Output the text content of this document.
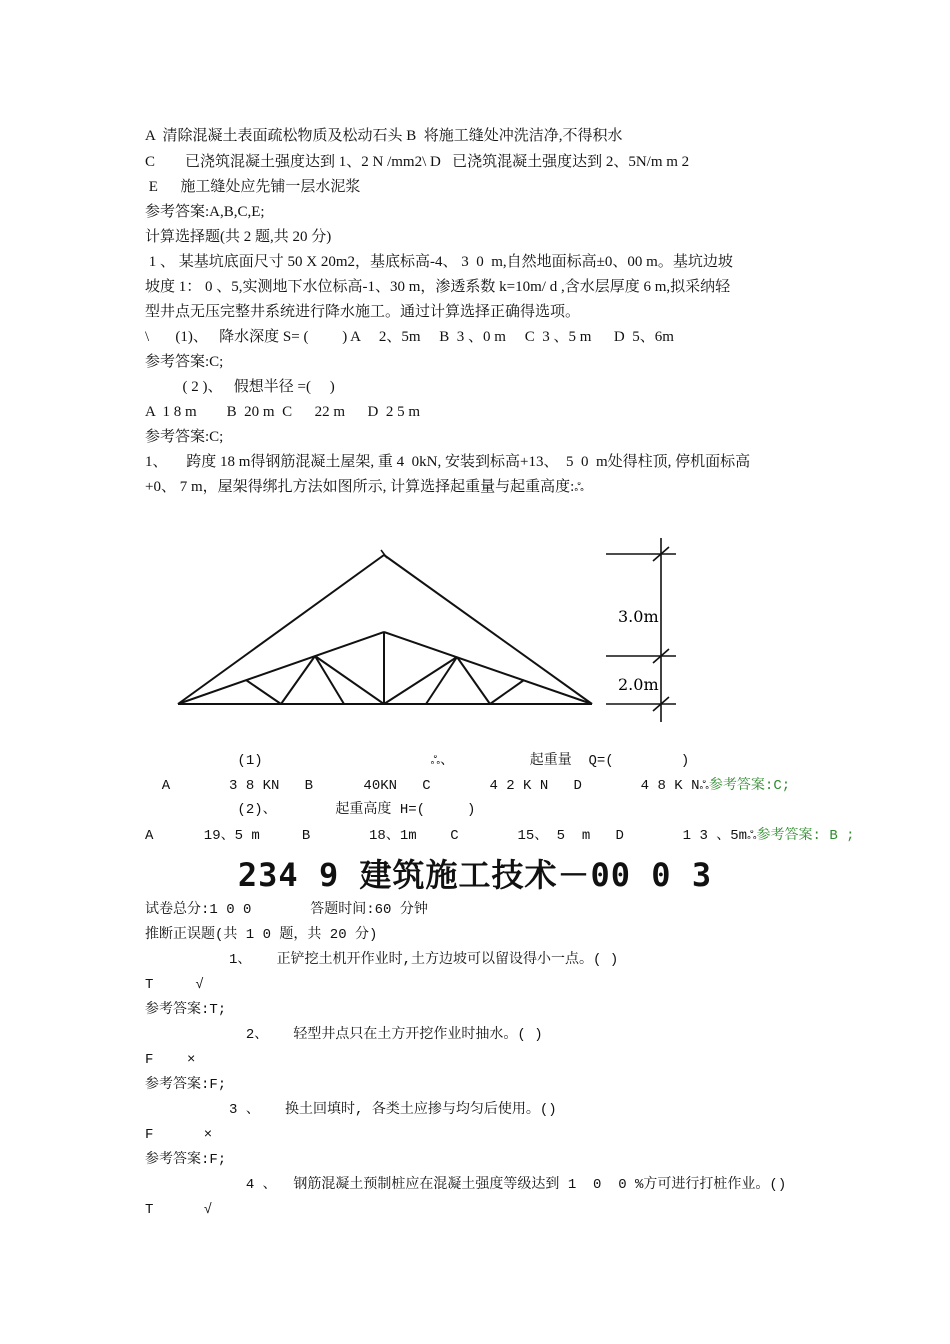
A  清除混凝土表面疏松物质及松动石头 B  将施工缝处冲洗洁净,不得积水
C        已浇筑混凝土强度达到 1、2 N /mm2\ D   已浇筑混凝土强度达到 2、5N/m m 2
E      施工缝处应先铺一层水泥浆
参考答案:A,B,C,E;
计算选择题(共 2 题,共 20 分)
1 、 某基坑底面尺寸 50 X 20m2，基底标高-4、 3  0  m,自然地面标高±0、00 m。基坑边坡
坡度 1： 0 、5,实测地下水位标高-1、30 m，渗透系数 k=10m/ d ,含水层厚度 6 m,拟采纳轻
型井点无压完整井系统进行降水施工。通过计算选择正确得选项。
\       (1)、   降水深度 S= (         ) A     2、5m     B  3 、0 m     C  3 、5 m      D  5、6m
参考答案:C;
( 2 )、   假想半径 =(     )
A  1 8 m        B  20 m  C      22 m      D  2 5 m
参考答案:C;
1、     跨度 18 m得钢筋混凝土屋架, 重 4  0kN, 安装到标高+13、  5  0  m处得柱顶, 停机面标高
+0、 7 m，屋架得绑扎方法如图所示, 计算选择起重量与起重高度:ஃ
3.0m
2.0m
(1)                    ஃ、         起重量  Q=(        )
A       3 8 KN   B      40KN   C       4 2 K N   D       4 8 K Nஃ参考答案:C;
(2)、       起重高度 H=(     )
A      19、5 m     B       18、1m    C       15、 5  m   D       1 3 、5mஃ参考答案: B ;
234 9 建筑施工技术－00 0 3
试卷总分:1 0 0       答题时间:60 分钟
推断正误题(共 1 0 题，共 20 分)
1、   正铲挖土机开作业时,土方边坡可以留设得小一点。( )
T     √
参考答案:T;
2、   轻型井点只在土方开挖作业时抽水。( )
F    ×
参考答案:F;
3 、   换土回填时, 各类土应掺与均匀后使用。()
F      ×
参考答案:F;
4 、  钢筋混凝土预制桩应在混凝土强度等级达到 1  0  0 %方可进行打桩作业。()
T      √
